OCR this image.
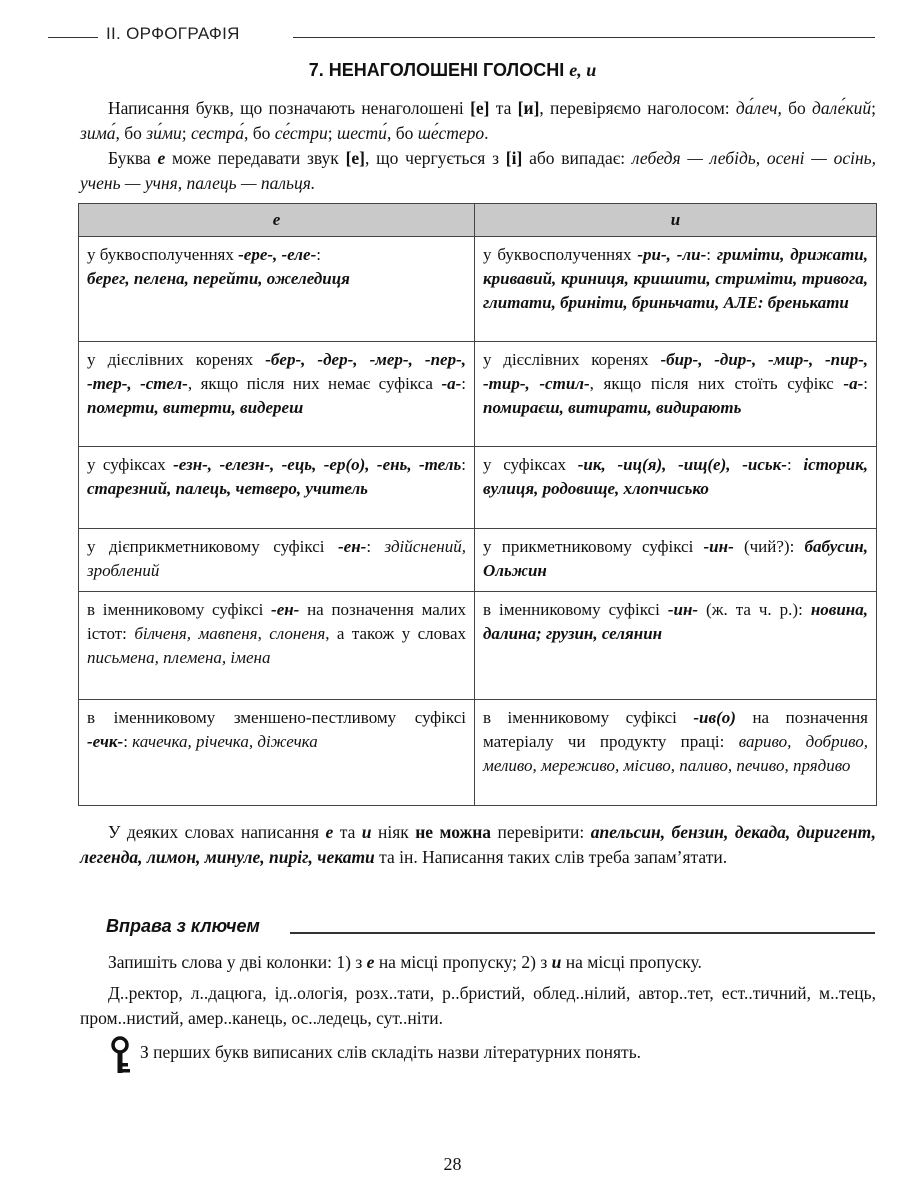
II. ОРФОГРАФІЯ
7. НЕНАГОЛОШЕНІ ГОЛОСНІ е, и
Написання букв, що позначають ненаголошені [е] та [и], перевіряємо наголосом: да́леч, бо дале́кий; зима́, бо зи́ми; сестра́, бо се́стри; шести́, бо ше́стеро.
Буква е може передавати звук [е], що чергується з [і] або випадає: лебедя — лебідь, осені — осінь, учень — учня, палець — пальця.
е	и
у буквосполученнях -ере-, -еле-:
берег, пелена, перейти, ожеледиця	у буквосполученнях -ри-, -ли-: гриміти, дрижати, кривавий, криниця, кришити, стриміти, тривога, глитати, бриніти, бриньчати, АЛЕ: бренькати
у дієслівних коренях -бер-, -дер-, -мер-, -пер-, -тер-, -стел-, якщо після них немає суфікса -а-: померти, витерти, видереш	у дієслівних коренях -бир-, -дир-, -мир-, -пир-, -тир-, -стил-, якщо після них стоїть суфікс -а-: помираєш, витирати, видирають
у суфіксах -езн-, -елезн-, -ець, -ер(о), -ень, -тель: старезний, палець, четверо, учитель	у суфіксах -ик, -иц(я), -ищ(е), -иськ-: історик, вулиця, родовище, хлопчисько
у дієприкметниковому суфіксі -ен-: здійснений, зроблений	у прикметниковому суфіксі -ин- (чий?): бабусин, Ольжин
в іменниковому суфіксі -ен- на позначення малих істот: білченя, мавпеня, слоненя, а також у словах письмена, племена, імена	в іменниковому суфіксі -ин- (ж. та ч. р.): новина, далина; грузин, селянин
в іменниковому зменшено-пестливому суфіксі -ечк-: качечка, річечка, діжечка	в іменниковому суфіксі -ив(о) на позначення матеріалу чи продукту праці: вариво, добриво, меливо, мереживо, місиво, паливо, печиво, прядиво
У деяких словах написання е та и ніяк не можна перевірити: апельсин, бензин, декада, диригент, легенда, лимон, минуле, пиріг, чекати та ін. Написання таких слів треба запам’ятати.
Вправа з ключем
Запишіть слова у дві колонки: 1) з е на місці пропуску; 2) з и на місці пропуску.
Д..ректор, л..дацюга, ід..ологія, розх..тати, р..бристий, облед..нілий, автор..тет, ест..тичний, м..тець, пром..нистий, амер..канець, ос..ледець, сут..ніти.
З перших букв виписаних слів складіть назви літературних понять.
28
